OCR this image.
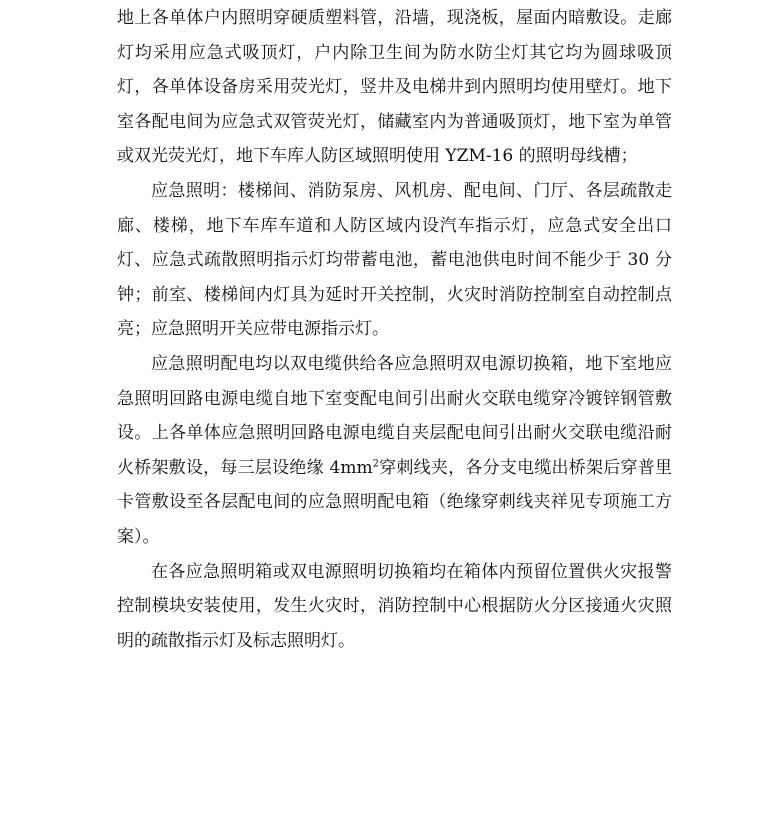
地上各单体户内照明穿硬质塑料管，沿墙，现浇板，屋面内暗敷设。走廊灯均采用应急式吸顶灯，户内除卫生间为防水防尘灯其它均为圆球吸顶灯，各单体设备房采用荧光灯，竖井及电梯井到内照明均使用壁灯。地下室各配电间为应急式双管荧光灯，储藏室内为普通吸顶灯，地下室为单管或双光荧光灯，地下车库人防区域照明使用 YZM-16 的照明母线槽；

应急照明：楼梯间、消防泵房、风机房、配电间、门厅、各层疏散走廊、楼梯，地下车库车道和人防区域内设汽车指示灯，应急式安全出口灯、应急式疏散照明指示灯均带蓄电池，蓄电池供电时间不能少于 30 分钟；前室、楼梯间内灯具为延时开关控制，火灾时消防控制室自动控制点亮；应急照明开关应带电源指示灯。

应急照明配电均以双电缆供给各应急照明双电源切换箱，地下室地应急照明回路电源电缆自地下室变配电间引出耐火交联电缆穿冷镀锌钢管敷设。上各单体应急照明回路电源电缆自夹层配电间引出耐火交联电缆沿耐火桥架敷设，每三层设绝缘 $4mm^2$穿刺线夹，各分支电缆出桥架后穿普里卡管敷设至各层配电间的应急照明配电箱（绝缘穿刺线夹祥见专项施工方案）。

在各应急照明箱或双电源照明切换箱均在箱体内预留位置供火灾报警控制模块安装使用，发生火灾时，消防控制中心根据防火分区接通火灾照明的疏散指示灯及标志照明灯。
